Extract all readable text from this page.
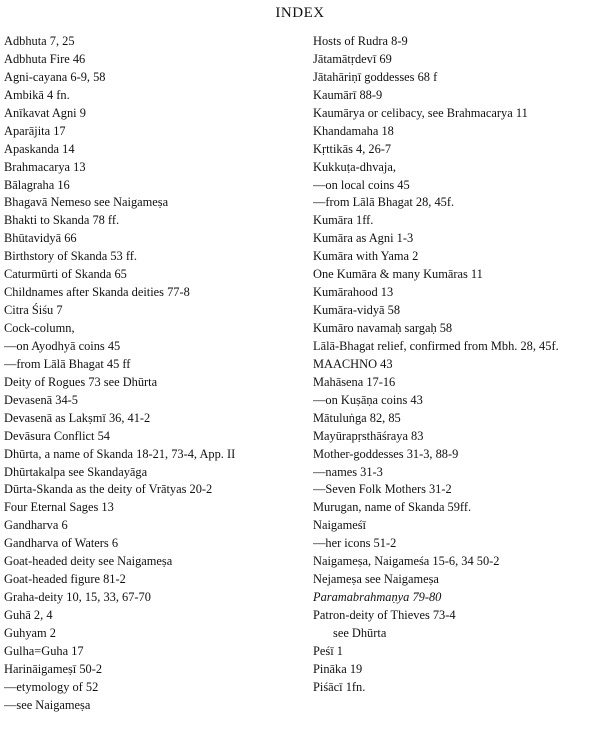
INDEX
Adbhuta 7, 25
Adbhuta Fire 46
Agni-cayana 6-9, 58
Ambikā 4 fn.
Anīkavat Agni 9
Aparājita 17
Apaskanda 14
Brahmacarya 13
Bālagraha 16
Bhagavā Nemeso see Naigameṣa
Bhakti to Skanda 78 ff.
Bhūtavidyā 66
Birthstory of Skanda 53 ff.
Caturmūrti of Skanda 65
Childnames after Skanda deities 77-8
Citra Śiśu 7
Cock-column,
—on Ayodhyā coins 45
—from Lālā Bhagat 45 ff
Deity of Rogues 73 see Dhūrta
Devasenā 34-5
Devasenā as Lakṣmī 36, 41-2
Devāsura Conflict 54
Dhūrta, a name of Skanda 18-21, 73-4, App. II
Dhūrtakalpa see Skandayāga
Dūrta-Skanda as the deity of Vrātyas 20-2
Four Eternal Sages 13
Gandharva 6
Gandharva of Waters 6
Goat-headed deity see Naigameṣa
Goat-headed figure 81-2
Graha-deity 10, 15, 33, 67-70
Guhā 2, 4
Guhyam 2
Gulha=Guha 17
Harināigameṣī 50-2
—etymology of 52
—see Naigameṣa
Hosts of Rudra 8-9
Jātamātṛdevī 69
Jātahāriṇī goddesses 68 f
Kaumārī 88-9
Kaumārya or celibacy, see Brahmacarya 11
Khandamaha 18
Kṛttikās 4, 26-7
Kukkuṭa-dhvaja,
—on local coins 45
—from Lālā Bhagat 28, 45f.
Kumāra 1ff.
Kumāra as Agni 1-3
Kumāra with Yama 2
One Kumāra & many Kumāras 11
Kumārahood 13
Kumāra-vidyā 58
Kumāro navamaḥ sargaḥ 58
Lālā-Bhagat relief, confirmed from Mbh. 28, 45f.
MAACHNO 43
Mahāsena 17-16
—on Kuṣāṇa coins 43
Mātuluṅga 82, 85
Mayūrapṛsthāśraya 83
Mother-goddesses 31-3, 88-9
—names 31-3
—Seven Folk Mothers 31-2
Murugan, name of Skanda 59ff.
Naigameśī
—her icons 51-2
Naigameṣa, Naigameśa 15-6, 34 50-2
Nejameṣa see Naigameṣa
Paramabrahmaṇya 79-80
Patron-deity of Thieves 73-4
see Dhūrta
Peśī 1
Pināka 19
Piśācī 1fn.
